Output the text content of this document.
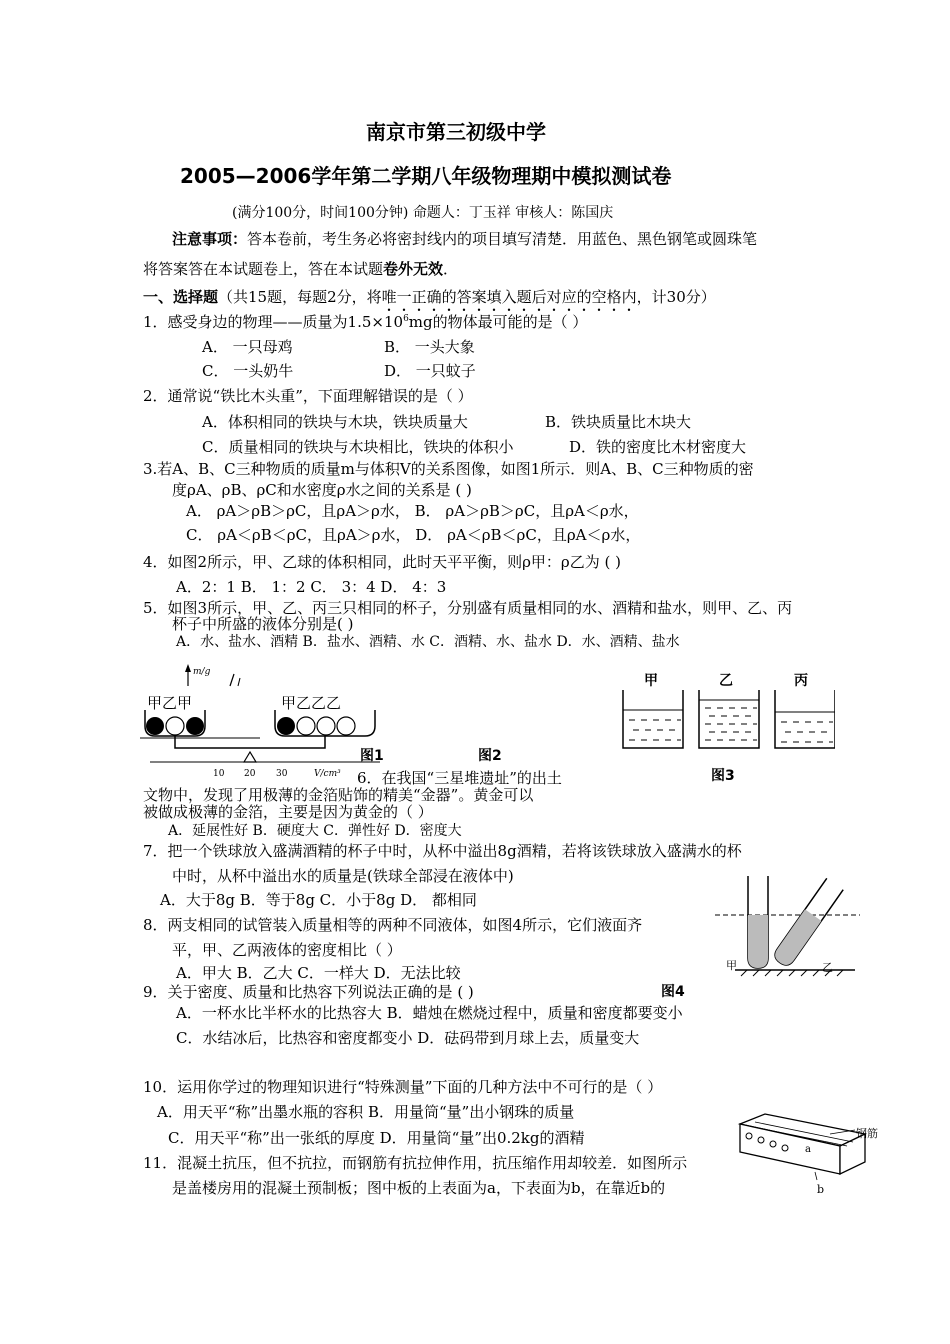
南京市第三初级中学
2005—2006学年第二学期八年级物理期中模拟测试卷
(满分100分，时间100分钟) 命题人：丁玉祥 审核人：陈国庆
注意事项：答本卷前，考生务必将密封线内的项目填写清楚．用蓝色、黑色钢笔或圆珠笔
将答案答在本试题卷上，答在本试题卷外无效．
一、选择题（共15题，每题2分，将唯一正确的答案填入题后对应的空格内，计30分）
1．感受身边的物理——质量为$1.5\times 10^6mg$的物体最可能的是（ ）
A． 一只母鸡	B． 一头大象
C． 一头奶牛	D． 一只蚊子
2．通常说“铁比木头重”，下面理解错误的是（ ）
A．体积相同的铁块与木块，铁块质量大	B．铁块质量比木块大
C．质量相同的铁块与木块相比，铁块的体积小	D．铁的密度比木材密度大
3.若A、B、C三种物质的质量m与体积V的关系图像，如图1所示．则A、B、C三种物质的密
度ρA、ρB、ρC和水密度ρ水之间的关系是 ( )
A． ρA＞ρB＞ρC，且ρA＞ρ水， B． ρA＞ρB＞ρC，且ρA＜ρ水，
C． ρA＜ρB＜ρC，且ρA＞ρ水， D． ρA＜ρB＜ρC，且ρA＜ρ水，
4．如图2所示，甲、乙球的体积相同，此时天平平衡，则ρ甲：ρ乙为 ( )
A．2：1 B． 1：2 C． 3：4 D． 4：3
5．如图3所示，甲、乙、丙三只相同的杯子，分别盛有质量相同的水、酒精和盐水，则甲、乙、丙
杯子中所盛的液体分别是( )
A．水、盐水、酒精 B．盐水、酒精、水 C．酒精、水、盐水 D．水、酒精、盐水
m/g
甲乙甲	甲乙乙乙
10 20 30	V/cm³
图1	图2
甲	乙	丙
图3
6．在我国“三星堆遗址”的出土
文物中，发现了用极薄的金箔贴饰的精美“金器”。黄金可以
被做成极薄的金箔，主要是因为黄金的（ ）
A．延展性好 B．硬度大 C．弹性好 D．密度大
7．把一个铁球放入盛满酒精的杯子中时，从杯中溢出8g酒精，若将该铁球放入盛满水的杯
中时，从杯中溢出水的质量是(铁球全部浸在液体中)
A．大于8g B．等于8g C．小于8g D． 都相同
甲	乙
8．两支相同的试管装入质量相等的两种不同液体，如图4所示，它们液面齐
平，甲、乙两液体的密度相比（ ）
A．甲大 B．乙大 C．一样大 D．无法比较
图4
9．关于密度、质量和比热容下列说法正确的是 ( )
A．一杯水比半杯水的比热容大 B．蜡烛在燃烧过程中，质量和密度都要变小
C．水结冰后，比热容和密度都变小 D．砝码带到月球上去，质量变大
10．运用你学过的物理知识进行“特殊测量”下面的几种方法中不可行的是（ ）
A．用天平“称”出墨水瓶的容积 B．用量筒“量”出小钢珠的质量
C．用天平“称”出一张纸的厚度 D．用量筒“量”出0.2kg的酒精	钢筋
a
b
11．混凝土抗压，但不抗拉，而钢筋有抗拉伸作用，抗压缩作用却较差．如图所示
是盖楼房用的混凝土预制板；图中板的上表面为a，下表面为b，在靠近b的
